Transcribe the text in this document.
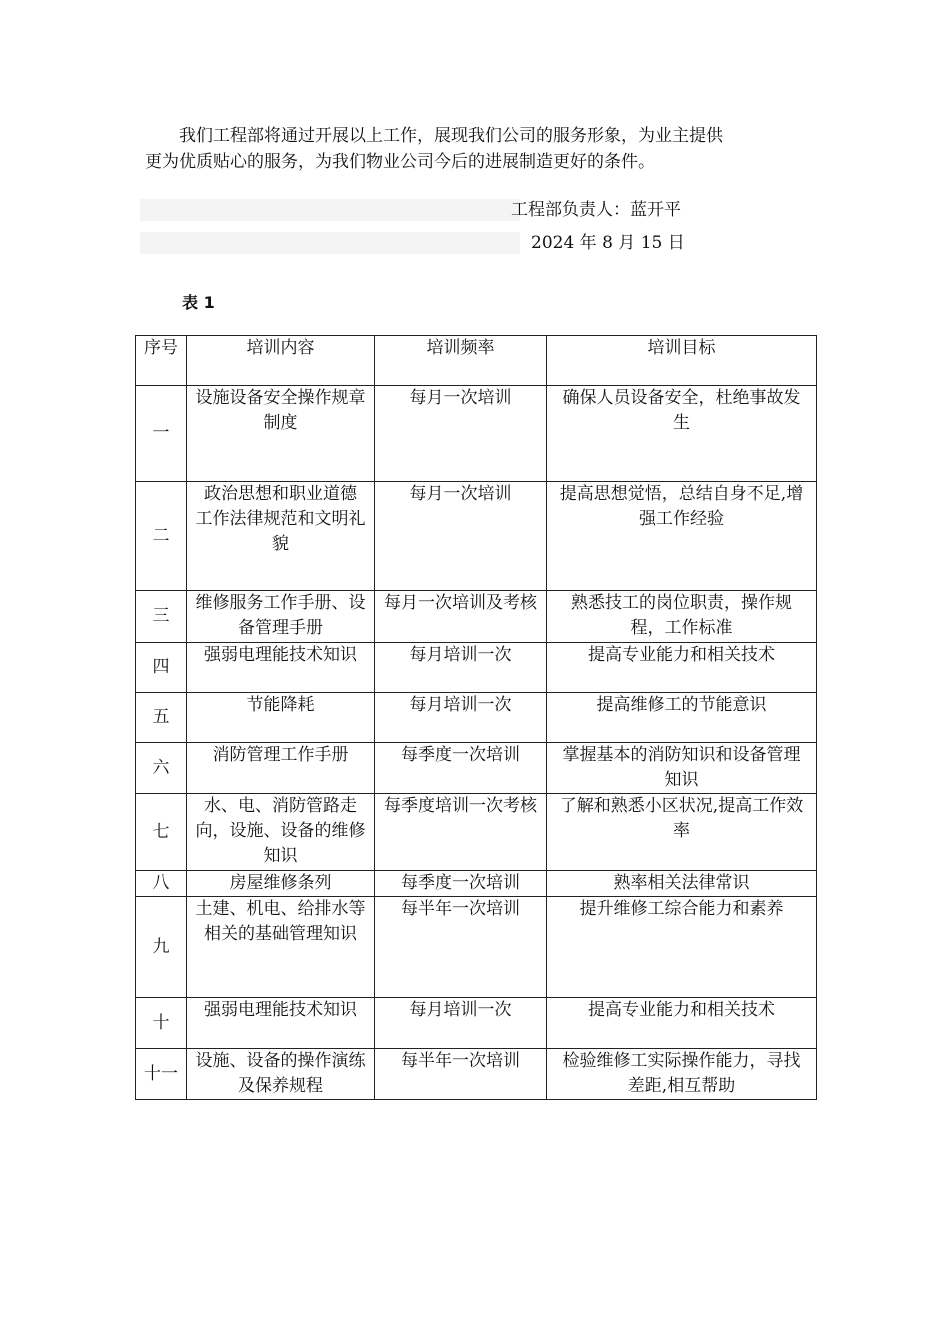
我们工程部将通过开展以上工作，展现我们公司的服务形象，为业主提供
更为优质贴心的服务，为我们物业公司今后的进展制造更好的条件。
工程部负责人：蓝开平
2024 年 8 月 15 日
表 1
序号	培训内容	培训频率	培训目标
一	设施设备安全操作规章制度	每月一次培训	确保人员设备安全，杜绝事故发生
二	政治思想和职业道德 工作法律规范和文明礼貌	每月一次培训	提高思想觉悟，总结自身不足,增强工作经验
三	维修服务工作手册、设备管理手册	每月一次培训及考核	熟悉技工的岗位职责，操作规程，工作标准
四	强弱电理能技术知识	每月培训一次	提高专业能力和相关技术
五	节能降耗	每月培训一次	提高维修工的节能意识
六	消防管理工作手册	每季度一次培训	掌握基本的消防知识和设备管理知识
七	水、电、消防管路走向，设施、设备的维修知识	每季度培训一次考核	了解和熟悉小区状况,提高工作效率
八	房屋维修条列	每季度一次培训	熟率相关法律常识
九	土建、机电、给排水等相关的基础管理知识	每半年一次培训	提升维修工综合能力和素养
十	强弱电理能技术知识	每月培训一次	提高专业能力和相关技术
十一	设施、设备的操作演练及保养规程	每半年一次培训	检验维修工实际操作能力，寻找差距,相互帮助
